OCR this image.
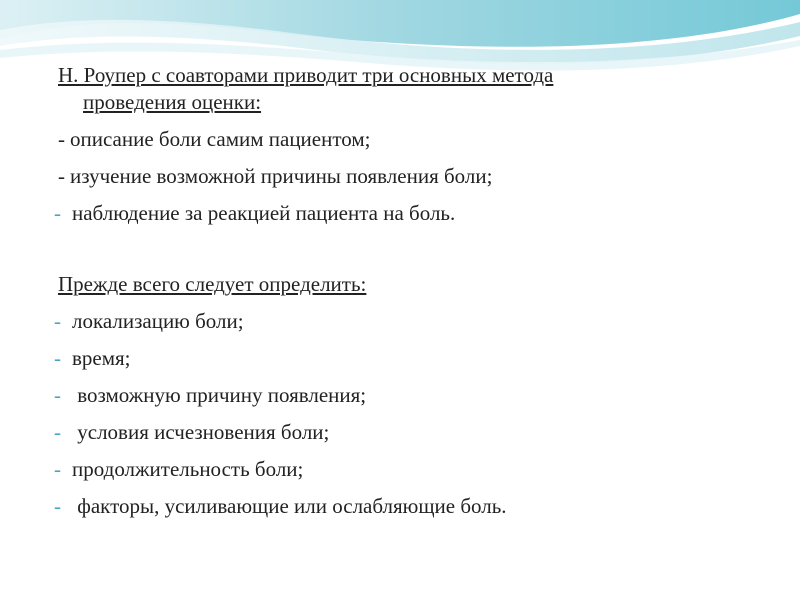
Н. Роупер с соавторами приводит три основных метода
проведения оценки:

- описание боли самим пациентом;

- изучение возможной причины появления боли;

- наблюдение за реакцией пациента на боль.

Прежде всего следует определить:

- локализацию боли;

- время;

- возможную причину появления;

- условия исчезновения боли;

- продолжительность боли;

- факторы, усиливающие или ослабляющие боль.
